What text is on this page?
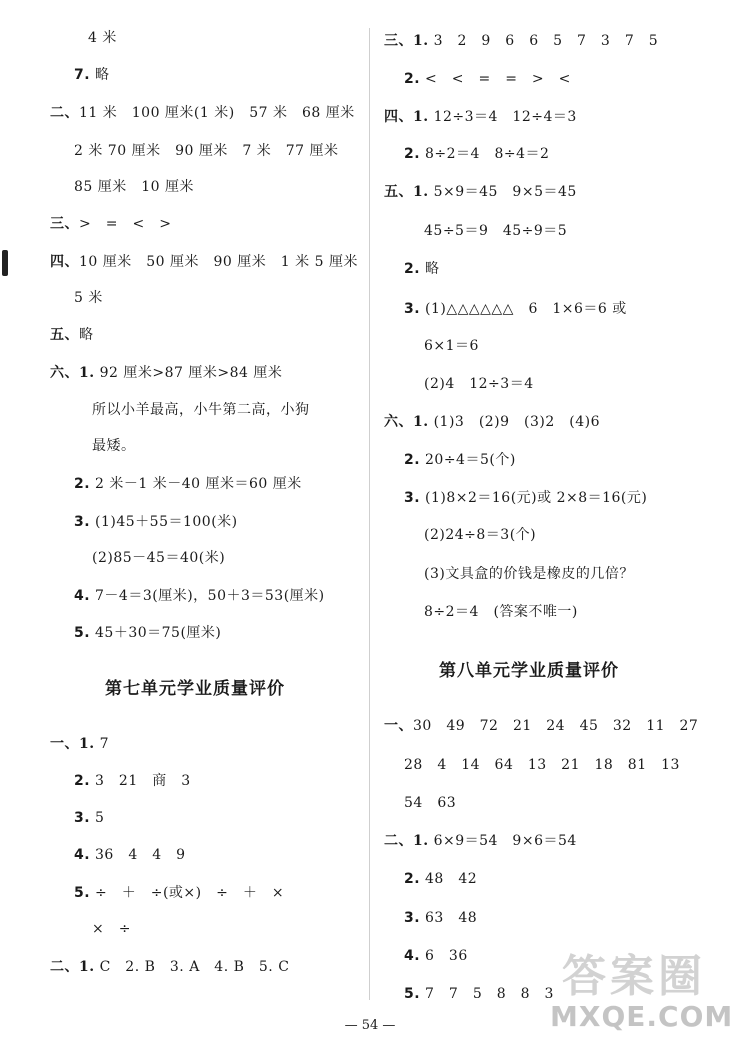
4 米
7. 略
二、11 米　100 厘米(1 米)　57 米　68 厘米
2 米 70 厘米　90 厘米　7 米　77 厘米
85 厘米　10 厘米
三、>　=　<　>
四、10 厘米　50 厘米　90 厘米　1 米 5 厘米
5 米
五、略
六、1. 92 厘米>87 厘米>84 厘米
所以小羊最高，小牛第二高，小狗
最矮。
2. 2 米－1 米－40 厘米＝60 厘米
3. (1)45＋55＝100(米)
(2)85－45＝40(米)
4. 7－4＝3(厘米)，50＋3＝53(厘米)
5. 45＋30＝75(厘米)
第七单元学业质量评价
一、1. 7
2. 3　21　商　3
3. 5
4. 36　4　4　9
5. ÷　＋　÷(或×)　÷　＋　×
×　÷
二、1. C　2. B　3. A　4. B　5. C
三、1. 3　2　9　6　6　5　7　3　7　5
2. <　<　=　=　>　<
四、1. 12÷3＝4　12÷4＝3
2. 8÷2＝4　8÷4＝2
五、1. 5×9＝45　9×5＝45
45÷5＝9　45÷9＝5
2. 略
3. (1)△△△△△△　6　1×6＝6 或
6×1＝6
(2)4　12÷3＝4
六、1. (1)3　(2)9　(3)2　(4)6
2. 20÷4＝5(个)
3. (1)8×2＝16(元)或 2×8＝16(元)
(2)24÷8＝3(个)
(3)文具盒的价钱是橡皮的几倍？
8÷2＝4　(答案不唯一)
第八单元学业质量评价
一、30　49　72　21　24　45　32　11　27
28　4　14　64　13　21　18　81　13
54　63
二、1. 6×9＝54　9×6＝54
2. 48　42
3. 63　48
4. 6　36
5. 7　7　5　8　8　3
— 54 —
答案圈
MXQE.COM
